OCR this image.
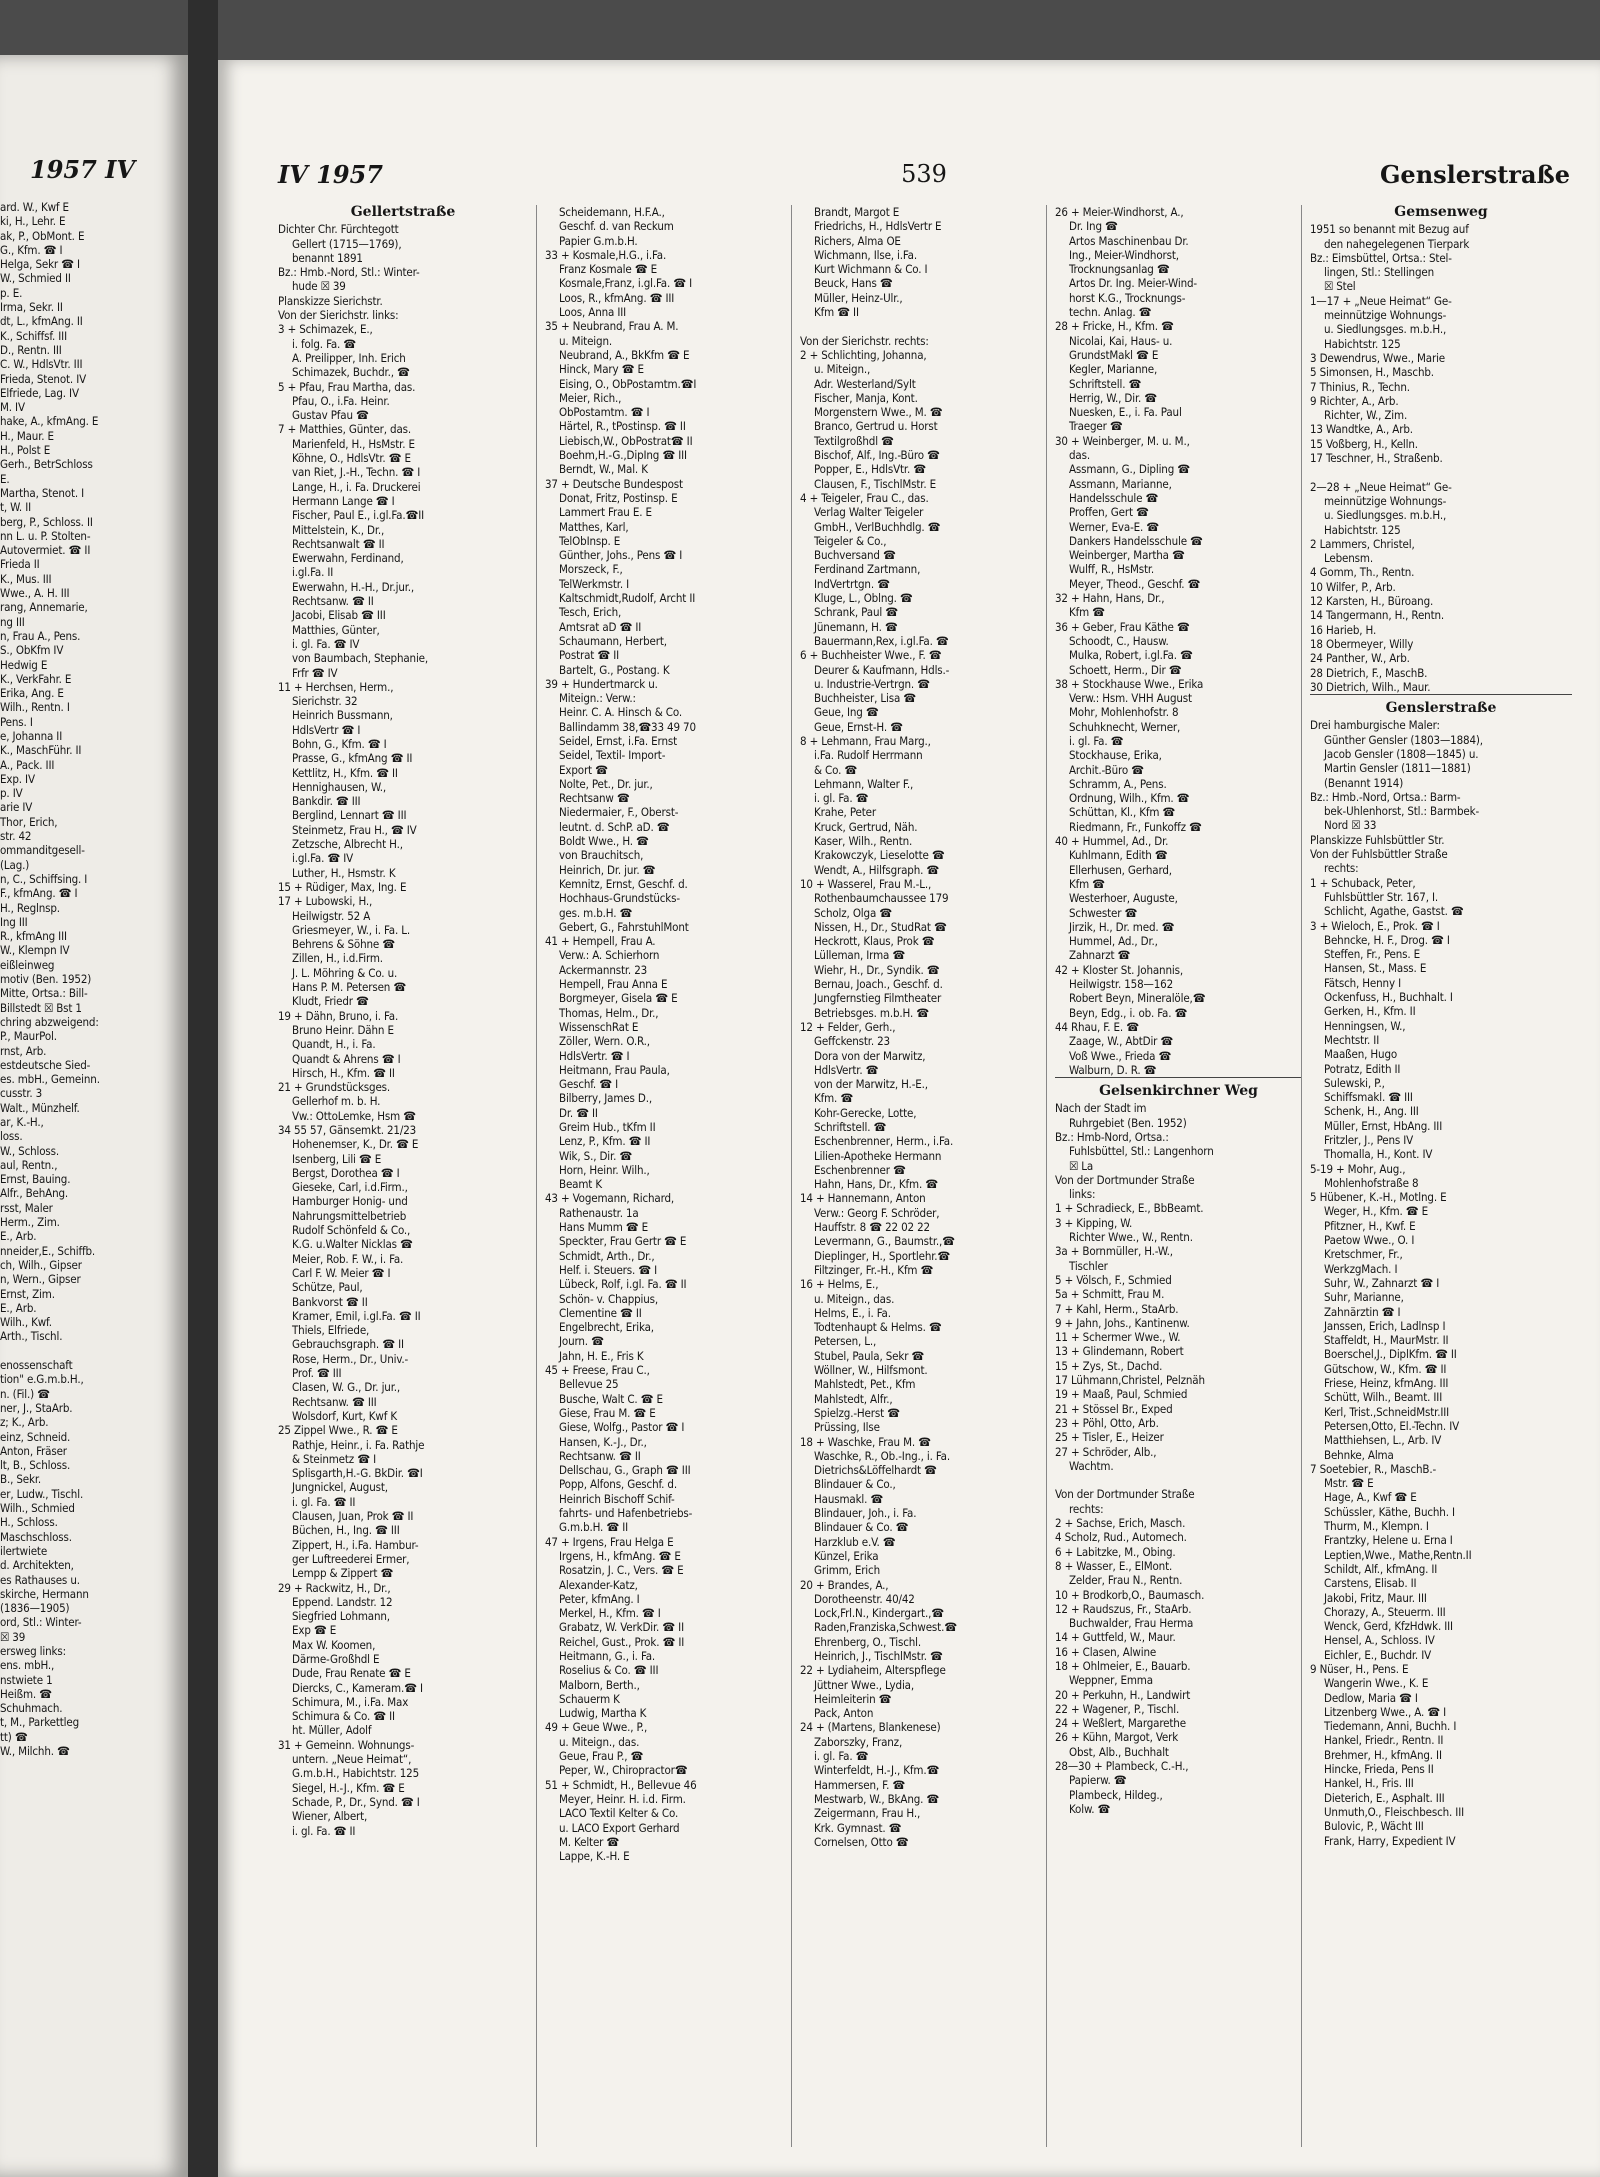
1957 IV
ard. W., Kwf E
ki, H., Lehr. E
ak, P., ObMont. E
G., Kfm. ☎ I
Helga, Sekr ☎ I
W., Schmied II
p. E.
Irma, Sekr. II
dt, L., kfmAng. II
K., Schiffsf. III
D., Rentn. III
C. W., HdlsVtr. III
Frieda, Stenot. IV
Elfriede, Lag. IV
M. IV
hake, A., kfmAng. E
H., Maur. E
H., Polst E
Gerh., BetrSchloss
E.
Martha, Stenot. I
t, W. II
berg, P., Schloss. II
nn L. u. P. Stolten-
Autovermiet. ☎ II
Frieda II
K., Mus. III
Wwe., A. H. III
rang, Annemarie,
ng III
n, Frau A., Pens.
S., ObKfm IV
Hedwig E
K., VerkFahr. E
Erika, Ang. E
Wilh., Rentn. I
Pens. I
e, Johanna II
K., MaschFühr. II
A., Pack. III
Exp. IV
p. IV
arie IV
Thor, Erich,
str. 42
ommanditgesell-
(Lag.)
n, C., Schiffsing. I
F., kfmAng. ☎ I
H., Reglnsp.
Ing III
R., kfmAng III
W., Klempn IV
eißleinweg
motiv (Ben. 1952)
Mitte, Ortsa.: Bill-
Billstedt ☒ Bst 1
chring abzweigend:
P., MaurPol.
rnst, Arb.
estdeutsche Sied-
es. mbH., Gemeinn.
cusstr. 3
Walt., Münzhelf.
ar, K.-H.,
loss.
W., Schloss.
aul, Rentn.,
Ernst, Bauing.
Alfr., BehAng.
rsst, Maler
Herm., Zim.
E., Arb.
nneider,E., Schiffb.
ch, Wilh., Gipser
n, Wern., Gipser
Ernst, Zim.
E., Arb.
Wilh., Kwf.
Arth., Tischl.

enossenschaft
tion" e.G.m.b.H.,
n. (Fil.) ☎
ner, J., StaArb.
z; K., Arb.
einz, Schneid.
Anton, Fräser
lt, B., Schloss.
B., Sekr.
er, Ludw., Tischl.
Wilh., Schmied
H., Schloss.
Maschschloss.
ilertwiete
d. Architekten,
es Rathauses u.
skirche, Hermann
(1836—1905)
ord, Stl.: Winter-
☒ 39
ersweg links:
ens. mbH.,
nstwiete 1
Heißm. ☎
Schuhmach.
t, M., Parkettleg
tt) ☎
W., Milchh. ☎
IV 1957	539	Genslerstraße
Gellertstraße
Dichter Chr. Fürchtegott
Gellert (1715—1769),
benannt 1891
Bz.: Hmb.-Nord, Stl.: Winter-
hude ☒ 39
Planskizze Sierichstr.
Von der Sierichstr. links:
3 + Schimazek, E.,
i. folg. Fa. ☎
A. Preilipper, Inh. Erich
Schimazek, Buchdr., ☎
5 + Pfau, Frau Martha, das.
Pfau, O., i.Fa. Heinr.
Gustav Pfau ☎
7 + Matthies, Günter, das.
Marienfeld, H., HsMstr. E
Köhne, O., HdlsVtr. ☎ E
van Riet, J.-H., Techn. ☎ I
Lange, H., i. Fa. Druckerei
Hermann Lange ☎ I
Fischer, Paul E., i.gl.Fa.☎II
Mittelstein, K., Dr.,
Rechtsanwalt ☎ II
Ewerwahn, Ferdinand,
i.gl.Fa. II
Ewerwahn, H.-H., Dr.jur.,
Rechtsanw. ☎ II
Jacobi, Elisab ☎ III
Matthies, Günter,
i. gl. Fa. ☎ IV
von Baumbach, Stephanie,
Frfr ☎ IV
11 + Herchsen, Herm.,
Sierichstr. 32
Heinrich Bussmann,
HdlsVertr ☎ I
Bohn, G., Kfm. ☎ I
Prasse, G., kfmAng ☎ II
Kettlitz, H., Kfm. ☎ II
Hennighausen, W.,
Bankdir. ☎ III
Berglind, Lennart ☎ III
Steinmetz, Frau H., ☎ IV
Zetzsche, Albrecht H.,
i.gl.Fa. ☎ IV
Luther, H., Hsmstr. K
15 + Rüdiger, Max, Ing. E
17 + Lubowski, H.,
Heilwigstr. 52 A
Griesmeyer, W., i. Fa. L.
Behrens & Söhne ☎
Zillen, H., i.d.Firm.
J. L. Möhring & Co. u.
Hans P. M. Petersen ☎
Kludt, Friedr ☎
19 + Dähn, Bruno, i. Fa.
Bruno Heinr. Dähn E
Quandt, H., i. Fa.
Quandt & Ahrens ☎ I
Hirsch, H., Kfm. ☎ II
21 + Grundstücksges.
Gellerhof m. b. H.
Vw.: OttoLemke, Hsm ☎
34 55 57, Gänsemkt. 21/23
Hohenemser, K., Dr. ☎ E
Isenberg, Lili ☎ E
Bergst, Dorothea ☎ I
Gieseke, Carl, i.d.Firm.,
Hamburger Honig- und
Nahrungsmittelbetrieb
Rudolf Schönfeld & Co.,
K.G. u.Walter Nicklas ☎
Meier, Rob. F. W., i. Fa.
Carl F. W. Meier ☎ I
Schütze, Paul,
Bankvorst ☎ II
Kramer, Emil, i.gl.Fa. ☎ II
Thiels, Elfriede,
Gebrauchsgraph. ☎ II
Rose, Herm., Dr., Univ.-
Prof. ☎ III
Clasen, W. G., Dr. jur.,
Rechtsanw. ☎ III
Wolsdorf, Kurt, Kwf K
25 Zippel Wwe., R. ☎ E
Rathje, Heinr., i. Fa. Rathje
& Steinmetz ☎ I
Splisgarth,H.-G. BkDir. ☎I
Jungnickel, August,
i. gl. Fa. ☎ II
Clausen, Juan, Prok ☎ II
Büchen, H., Ing. ☎ III
Zippert, H., i.Fa. Hambur-
ger Luftreederei Ermer,
Lempp & Zippert ☎
29 + Rackwitz, H., Dr.,
Eppend. Landstr. 12
Siegfried Lohmann,
Exp ☎ E
Max W. Koomen,
Därme-Großhdl E
Dude, Frau Renate ☎ E
Diercks, C., Kameram.☎ I
Schimura, M., i.Fa. Max
Schimura & Co. ☎ II
ht. Müller, Adolf
31 + Gemeinn. Wohnungs-
untern. „Neue Heimat“,
G.m.b.H., Habichtstr. 125
Siegel, H.-J., Kfm. ☎ E
Schade, P., Dr., Synd. ☎ I
Wiener, Albert,
i. gl. Fa. ☎ II
Scheidemann, H.F.A.,
Geschf. d. van Reckum
Papier G.m.b.H.
33 + Kosmale,H.G., i.Fa.
Franz Kosmale ☎ E
Kosmale,Franz, i.gl.Fa. ☎ I
Loos, R., kfmAng. ☎ III
Loos, Anna III
35 + Neubrand, Frau A. M.
u. Miteign.
Neubrand, A., BkKfm ☎ E
Hinck, Mary ☎ E
Eising, O., ObPostamtm.☎I
Meier, Rich.,
ObPostamtm. ☎ I
Härtel, R., tPostinsp. ☎ II
Liebisch,W., ObPostrat☎ II
Boehm,H.-G.,DipIng ☎ III
Berndt, W., Mal. K
37 + Deutsche Bundespost
Donat, Fritz, Postinsp. E
Lammert Frau E. E
Matthes, Karl,
TelObInsp. E
Günther, Johs., Pens ☎ I
Morszeck, F.,
TelWerkmstr. I
Kaltschmidt,Rudolf, Archt II
Tesch, Erich,
Amtsrat aD ☎ II
Schaumann, Herbert,
Postrat ☎ II
Bartelt, G., Postang. K
39 + Hundertmarck u.
Miteign.: Verw.:
Heinr. C. A. Hinsch & Co.
Ballindamm 38,☎33 49 70
Seidel, Ernst, i.Fa. Ernst
Seidel, Textil- Import-
Export ☎
Nolte, Pet., Dr. jur.,
Rechtsanw ☎
Niedermaier, F., Oberst-
leutnt. d. SchP. aD. ☎
Boldt Wwe., H. ☎
von Brauchitsch,
Heinrich, Dr. jur. ☎
Kemnitz, Ernst, Geschf. d.
Hochhaus-Grundstücks-
ges. m.b.H. ☎
Gebert, G., FahrstuhlMont
41 + Hempell, Frau A.
Verw.: A. Schierhorn
Ackermannstr. 23
Hempell, Frau Anna E
Borgmeyer, Gisela ☎ E
Thomas, Helm., Dr.,
WissenschRat E
Zöller, Wern. O.R.,
HdlsVertr. ☎ I
Heitmann, Frau Paula,
Geschf. ☎ I
Bilberry, James D.,
Dr. ☎ II
Greim Hub., tKfm II
Lenz, P., Kfm. ☎ II
Wik, S., Dir. ☎
Horn, Heinr. Wilh.,
Beamt K
43 + Vogemann, Richard,
Rathenaustr. 1a
Hans Mumm ☎ E
Speckter, Frau Gertr ☎ E
Schmidt, Arth., Dr.,
Helf. i. Steuers. ☎ I
Lübeck, Rolf, i.gl. Fa. ☎ II
Schön- v. Chappius,
Clementine ☎ II
Engelbrecht, Erika,
Journ. ☎
Jahn, H. E., Fris K
45 + Freese, Frau C.,
Bellevue 25
Busche, Walt C. ☎ E
Giese, Frau M. ☎ E
Giese, Wolfg., Pastor ☎ I
Hansen, K.-J., Dr.,
Rechtsanw. ☎ II
Dellschau, G., Graph ☎ III
Popp, Alfons, Geschf. d.
Heinrich Bischoff Schif-
fahrts- und Hafenbetriebs-
G.m.b.H. ☎ II
47 + Irgens, Frau Helga E
Irgens, H., kfmAng. ☎ E
Rosatzin, J. C., Vers. ☎ E
Alexander-Katz,
Peter, kfmAng. I
Merkel, H., Kfm. ☎ I
Grabatz, W. VerkDir. ☎ II
Reichel, Gust., Prok. ☎ II
Heitmann, G., i. Fa.
Roselius & Co. ☎ III
Malborn, Berth.,
Schauerm K
Ludwig, Martha K
49 + Geue Wwe., P.,
u. Miteign., das.
Geue, Frau P., ☎
Peper, W., Chiropractor☎
51 + Schmidt, H., Bellevue 46
Meyer, Heinr. H. i.d. Firm.
LACO Textil Kelter & Co.
u. LACO Export Gerhard
M. Kelter ☎
Lappe, K.-H. E
Brandt, Margot E
Friedrichs, H., HdlsVertr E
Richers, Alma OE
Wichmann, Ilse, i.Fa.
Kurt Wichmann & Co. I
Beuck, Hans ☎
Müller, Heinz-Ulr.,
Kfm ☎ II

Von der Sierichstr. rechts:
2 + Schlichting, Johanna,
u. Miteign.,
Adr. Westerland/Sylt
Fischer, Manja, Kont.
Morgenstern Wwe., M. ☎
Branco, Gertrud u. Horst
Textilgroßhdl ☎
Bischof, Alf., Ing.-Büro ☎
Popper, E., HdlsVtr. ☎
Clausen, F., TischlMstr. E
4 + Teigeler, Frau C., das.
Verlag Walter Teigeler
GmbH., VerlBuchhdlg. ☎
Teigeler & Co.,
Buchversand ☎
Ferdinand Zartmann,
IndVertrtgn. ☎
Kluge, L., Oblng. ☎
Schrank, Paul ☎
Jünemann, H. ☎
Bauermann,Rex, i.gl.Fa. ☎
6 + Buchheister Wwe., F. ☎
Deurer & Kaufmann, Hdls.-
u. Industrie-Vertrgn. ☎
Buchheister, Lisa ☎
Geue, Ing ☎
Geue, Ernst-H. ☎
8 + Lehmann, Frau Marg.,
i.Fa. Rudolf Herrmann
& Co. ☎
Lehmann, Walter F.,
i. gl. Fa. ☎
Krahe, Peter
Kruck, Gertrud, Näh.
Kaser, Wilh., Rentn.
Krakowczyk, Lieselotte ☎
Wendt, A., Hilfsgraph. ☎
10 + Wasserel, Frau M.-L.,
Rothenbaumchaussee 179
Scholz, Olga ☎
Nissen, H., Dr., StudRat ☎
Heckrott, Klaus, Prok ☎
Lülleman, Irma ☎
Wiehr, H., Dr., Syndik. ☎
Bernau, Joach., Geschf. d.
Jungfernstieg Filmtheater
Betriebsges. m.b.H. ☎
12 + Felder, Gerh.,
Geffckenstr. 23
Dora von der Marwitz,
HdlsVertr. ☎
von der Marwitz, H.-E.,
Kfm. ☎
Kohr-Gerecke, Lotte,
Schriftstell. ☎
Eschenbrenner, Herm., i.Fa.
Lilien-Apotheke Hermann
Eschenbrenner ☎
Hahn, Hans, Dr., Kfm. ☎
14 + Hannemann, Anton
Verw.: Georg F. Schröder,
Hauffstr. 8 ☎ 22 02 22
Levermann, G., Baumstr.,☎
Dieplinger, H., Sportlehr.☎
Filtzinger, Fr.-H., Kfm ☎
16 + Helms, E.,
u. Miteign., das.
Helms, E., i. Fa.
Todtenhaupt & Helms. ☎
Petersen, L.,
Stubel, Paula, Sekr ☎
Wöllner, W., Hilfsmont.
Mahlstedt, Pet., Kfm
Mahlstedt, Alfr.,
Spielzg.-Herst ☎
Prüssing, Ilse
18 + Waschke, Frau M. ☎
Waschke, R., Ob.-Ing., i. Fa.
Dietrichs&Löffelhardt ☎
Blindauer & Co.,
Hausmakl. ☎
Blindauer, Joh., i. Fa.
Blindauer & Co. ☎
Harzklub e.V. ☎
Künzel, Erika
Grimm, Erich
20 + Brandes, A.,
Dorotheenstr. 40/42
Lock,Frl.N., Kindergart.,☎
Raden,Franziska,Schwest.☎
Ehrenberg, O., Tischl.
Heinrich, J., TischlMstr. ☎
22 + Lydiaheim, Alterspflege
Jüttner Wwe., Lydia,
Heimleiterin ☎
Pack, Anton
24 + (Martens, Blankenese)
Zaborszky, Franz,
i. gl. Fa. ☎
Winterfeldt, H.-J., Kfm.☎
Hammersen, F. ☎
Mestwarb, W., BkAng. ☎
Zeigermann, Frau H.,
Krk. Gymnast. ☎
Cornelsen, Otto ☎
26 + Meier-Windhorst, A.,
Dr. Ing ☎
Artos Maschinenbau Dr.
Ing., Meier-Windhorst,
Trocknungsanlag ☎
Artos Dr. Ing. Meier-Wind-
horst K.G., Trocknungs-
techn. Anlag. ☎
28 + Fricke, H., Kfm. ☎
Nicolai, Kai, Haus- u.
GrundstMakl ☎ E
Kegler, Marianne,
Schriftstell. ☎
Herrig, W., Dir. ☎
Nuesken, E., i. Fa. Paul
Traeger ☎
30 + Weinberger, M. u. M.,
das.
Assmann, G., Dipling ☎
Assmann, Marianne,
Handelsschule ☎
Proffen, Gert ☎
Werner, Eva-E. ☎
Dankers Handelsschule ☎
Weinberger, Martha ☎
Wulff, R., HsMstr.
Meyer, Theod., Geschf. ☎
32 + Hahn, Hans, Dr.,
Kfm ☎
36 + Geber, Frau Käthe ☎
Schoodt, C., Hausw.
Mulka, Robert, i.gl.Fa. ☎
Schoett, Herm., Dir ☎
38 + Stockhause Wwe., Erika
Verw.: Hsm. VHH August
Mohr, Mohlenhofstr. 8
Schuhknecht, Werner,
i. gl. Fa. ☎
Stockhause, Erika,
Archit.-Büro ☎
Schramm, A., Pens.
Ordnung, Wilh., Kfm. ☎
Schüttan, Kl., Kfm ☎
Riedmann, Fr., Funkoffz ☎
40 + Hummel, Ad., Dr.
Kuhlmann, Edith ☎
Ellerhusen, Gerhard,
Kfm ☎
Westerhoer, Auguste,
Schwester ☎
Jirzik, H., Dr. med. ☎
Hummel, Ad., Dr.,
Zahnarzt ☎
42 + Kloster St. Johannis,
Heilwigstr. 158—162
Robert Beyn, Mineralöle,☎
Beyn, Edg., i. ob. Fa. ☎
44 Rhau, F. E. ☎
Zaage, W., AbtDir ☎
Voß Wwe., Frieda ☎
Walburn, D. R. ☎
Gelsenkirchner Weg
Nach der Stadt im
Ruhrgebiet (Ben. 1952)
Bz.: Hmb-Nord, Ortsa.:
Fuhlsbüttel, Stl.: Langenhorn
☒ La
Von der Dortmunder Straße
links:
1 + Schradieck, E., BbBeamt.
3 + Kipping, W.
Richter Wwe., W., Rentn.
3a + Bornmüller, H.-W.,
Tischler
5 + Völsch, F., Schmied
5a + Schmitt, Frau M.
7 + Kahl, Herm., StaArb.
9 + Jahn, Johs., Kantinenw.
11 + Schermer Wwe., W.
13 + Glindemann, Robert
15 + Zys, St., Dachd.
17 Lühmann,Christel, Pelznäh
19 + Maaß, Paul, Schmied
21 + Stössel Br., Exped
23 + Pöhl, Otto, Arb.
25 + Tisler, E., Heizer
27 + Schröder, Alb.,
Wachtm.

Von der Dortmunder Straße
rechts:
2 + Sachse, Erich, Masch.
4 Scholz, Rud., Automech.
6 + Labitzke, M., Obing.
8 + Wasser, E., ElMont.
Zelder, Frau N., Rentn.
10 + Brodkorb,O., Baumasch.
12 + Raudszus, Fr., StaArb.
Buchwalder, Frau Herma
14 + Guttfeld, W., Maur.
16 + Clasen, Alwine
18 + Ohlmeier, E., Bauarb.
Weppner, Emma
20 + Perkuhn, H., Landwirt
22 + Wagener, P., Tischl.
24 + Weßlert, Margarethe
26 + Kühn, Margot, Verk
Obst, Alb., Buchhalt
28—30 + Plambeck, C.-H.,
Papierw. ☎
Plambeck, Hildeg.,
Kolw. ☎
Gemsenweg
1951 so benannt mit Bezug auf
den nahegelegenen Tierpark
Bz.: Eimsbüttel, Ortsa.: Stel-
lingen, Stl.: Stellingen
☒ Stel
1—17 + „Neue Heimat“ Ge-
meinnützige Wohnungs-
u. Siedlungsges. m.b.H.,
Habichtstr. 125
3 Dewendrus, Wwe., Marie
5 Simonsen, H., Maschb.
7 Thinius, R., Techn.
9 Richter, A., Arb.
Richter, W., Zim.
13 Wandtke, A., Arb.
15 Voßberg, H., Kelln.
17 Teschner, H., Straßenb.

2—28 + „Neue Heimat“ Ge-
meinnützige Wohnungs-
u. Siedlungsges. m.b.H.,
Habichtstr. 125
2 Lammers, Christel,
Lebensm.
4 Gomm, Th., Rentn.
10 Wilfer, P., Arb.
12 Karsten, H., Büroang.
14 Tangermann, H., Rentn.
16 Harieb, H.
18 Obermeyer, Willy
24 Panther, W., Arb.
28 Dietrich, F., MaschB.
30 Dietrich, Wilh., Maur.
Genslerstraße
Drei hamburgische Maler:
Günther Gensler (1803—1884),
Jacob Gensler (1808—1845) u.
Martin Gensler (1811—1881)
(Benannt 1914)
Bz.: Hmb.-Nord, Ortsa.: Barm-
bek-Uhlenhorst, Stl.: Barmbek-
Nord ☒ 33
Planskizze Fuhlsbüttler Str.
Von der Fuhlsbüttler Straße
rechts:
1 + Schuback, Peter,
Fuhlsbüttler Str. 167, I.
Schlicht, Agathe, Gastst. ☎
3 + Wieloch, E., Prok. ☎ I
Behncke, H. F., Drog. ☎ I
Steffen, Fr., Pens. E
Hansen, St., Mass. E
Fätsch, Henny I
Ockenfuss, H., Buchhalt. I
Gerken, H., Kfm. II
Henningsen, W.,
Mechtstr. II
Maaßen, Hugo
Potratz, Edith II
Sulewski, P.,
Schiffsmakl. ☎ III
Schenk, H., Ang. III
Müller, Ernst, HbAng. III
Fritzler, J., Pens IV
Thomalla, H., Kont. IV
5-19 + Mohr, Aug.,
Mohlenhofstraße 8
5 Hübener, K.-H., Motlng. E
Weger, H., Kfm. ☎ E
Pfitzner, H., Kwf. E
Paetow Wwe., O. I
Kretschmer, Fr.,
WerkzgMach. I
Suhr, W., Zahnarzt ☎ I
Suhr, Marianne,
Zahnärztin ☎ I
Janssen, Erich, Ladlnsp I
Staffeldt, H., MaurMstr. II
Boerschel,J., DiplKfm. ☎ II
Gütschow, W., Kfm. ☎ II
Friese, Heinz, kfmAng. III
Schütt, Wilh., Beamt. III
Kerl, Trist.,SchneidMstr.III
Petersen,Otto, El.-Techn. IV
Matthiehsen, L., Arb. IV
Behnke, Alma
7 Soetebier, R., MaschB.-
Mstr. ☎ E
Hage, A., Kwf ☎ E
Schüssler, Käthe, Buchh. I
Thurm, M., Klempn. I
Frantzky, Helene u. Erna I
Leptien,Wwe., Mathe,Rentn.II
Schildt, Alf., kfmAng. II
Carstens, Elisab. II
Jakobi, Fritz, Maur. III
Chorazy, A., Steuerm. III
Wenck, Gerd, KfzHdwk. III
Hensel, A., Schloss. IV
Eichler, E., Buchdr. IV
9 Nüser, H., Pens. E
Wangerin Wwe., K. E
Dedlow, Maria ☎ I
Litzenberg Wwe., A. ☎ I
Tiedemann, Anni, Buchh. I
Hankel, Friedr., Rentn. II
Brehmer, H., kfmAng. II
Hincke, Frieda, Pens II
Hankel, H., Fris. III
Dieterich, E., Asphalt. III
Unmuth,O., Fleischbesch. III
Bulovic, P., Wächt III
Frank, Harry, Expedient IV
